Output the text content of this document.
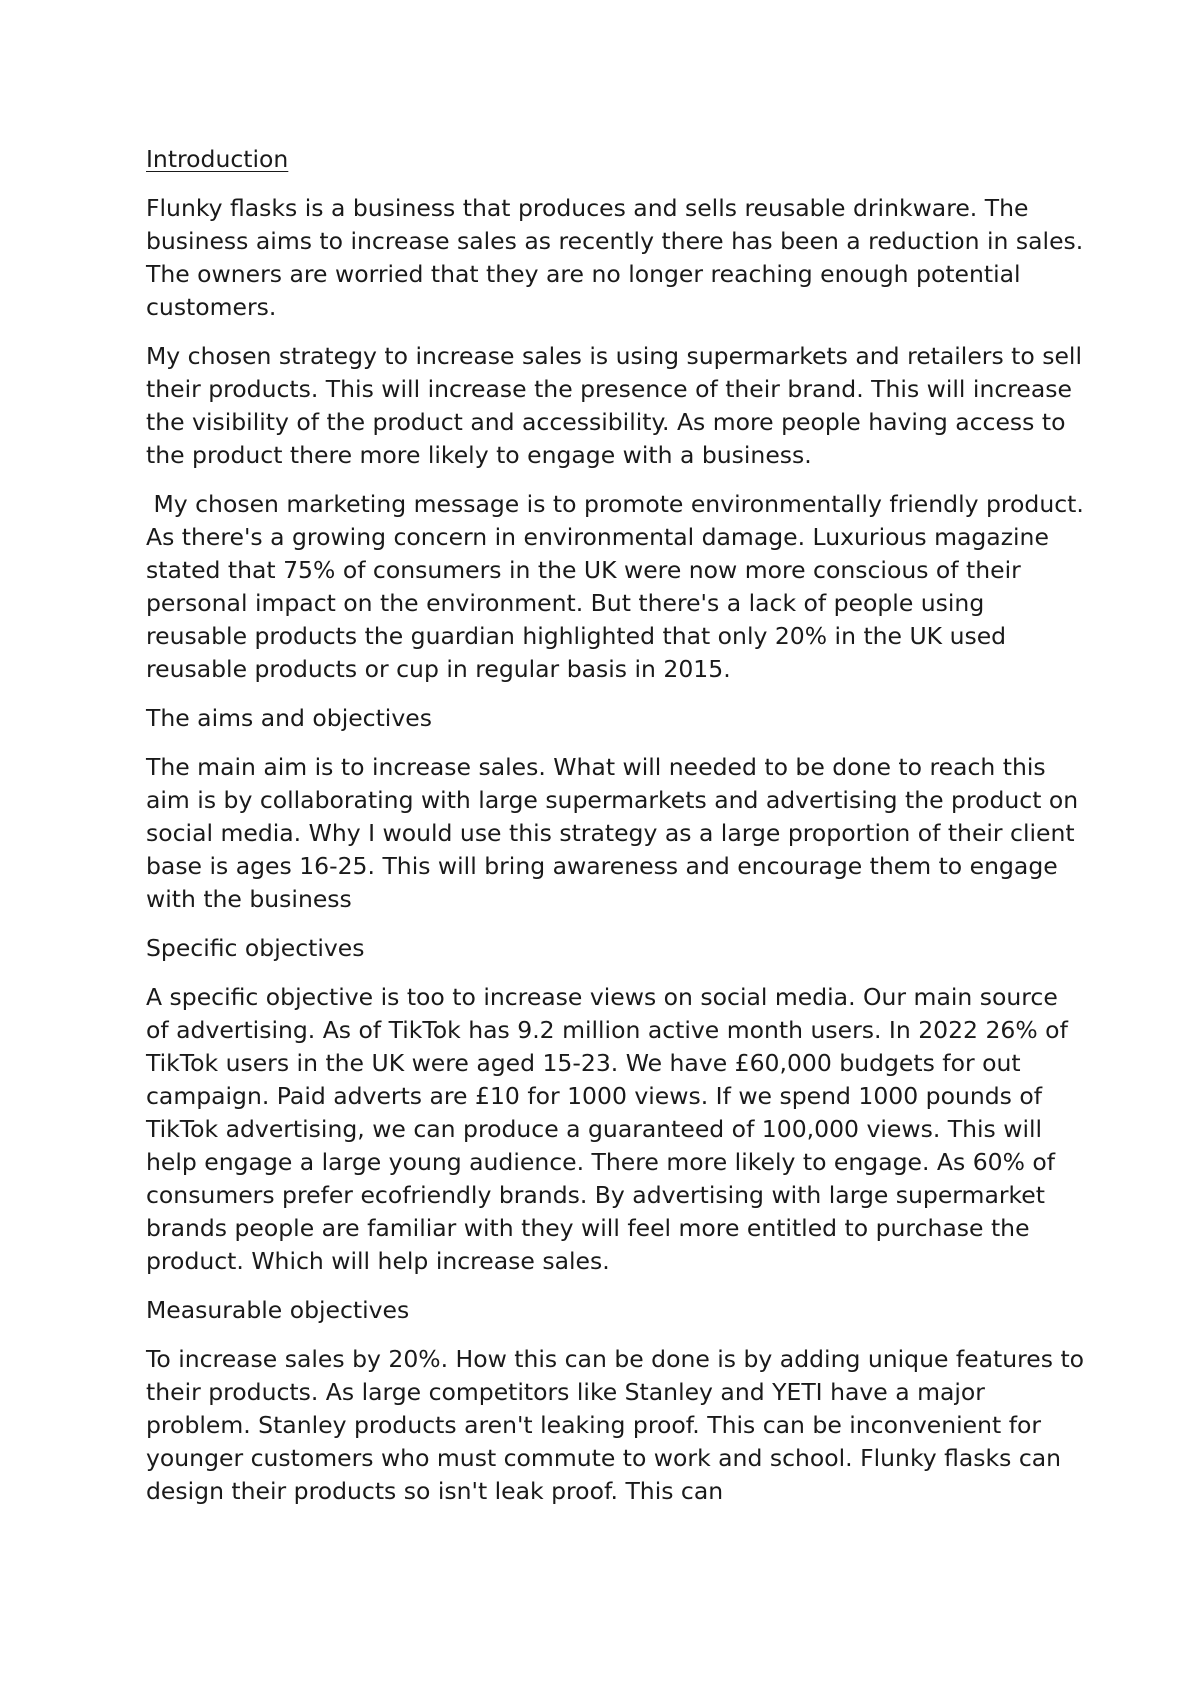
Introduction

Flunky flasks is a business that produces and sells reusable drinkware. The business aims to increase sales as recently there has been a reduction in sales. The owners are worried that they are no longer reaching enough potential customers.

My chosen strategy to increase sales is using supermarkets and retailers to sell their products. This will increase the presence of their brand. This will increase the visibility of the product and accessibility. As more people having access to the product there more likely to engage with a business.

My chosen marketing message is to promote environmentally friendly product. As there's a growing concern in environmental damage. Luxurious magazine stated that 75% of consumers in the UK were now more conscious of their personal impact on the environment. But there's a lack of people using reusable products the guardian highlighted that only 20% in the UK used reusable products or cup in regular basis in 2015.

The aims and objectives

The main aim is to increase sales. What will needed to be done to reach this aim is by collaborating with large supermarkets and advertising the product on social media. Why I would use this strategy as a large proportion of their client base is ages 16-25. This will bring awareness and encourage them to engage with the business

Specific objectives

A specific objective is too to increase views on social media. Our main source of advertising. As of TikTok has 9.2 million active month users. In 2022 26% of TikTok users in the UK were aged 15-23. We have £60,000 budgets for out campaign. Paid adverts are £10 for 1000 views. If we spend 1000 pounds of TikTok advertising, we can produce a guaranteed of 100,000 views. This will help engage a large young audience. There more likely to engage. As 60% of consumers prefer ecofriendly brands. By advertising with large supermarket brands people are familiar with they will feel more entitled to purchase the product. Which will help increase sales.

Measurable objectives

To increase sales by 20%. How this can be done is by adding unique features to their products. As large competitors like Stanley and YETI have a major problem. Stanley products aren't leaking proof. This can be inconvenient for younger customers who must commute to work and school. Flunky flasks can design their products so isn't leak proof. This can
